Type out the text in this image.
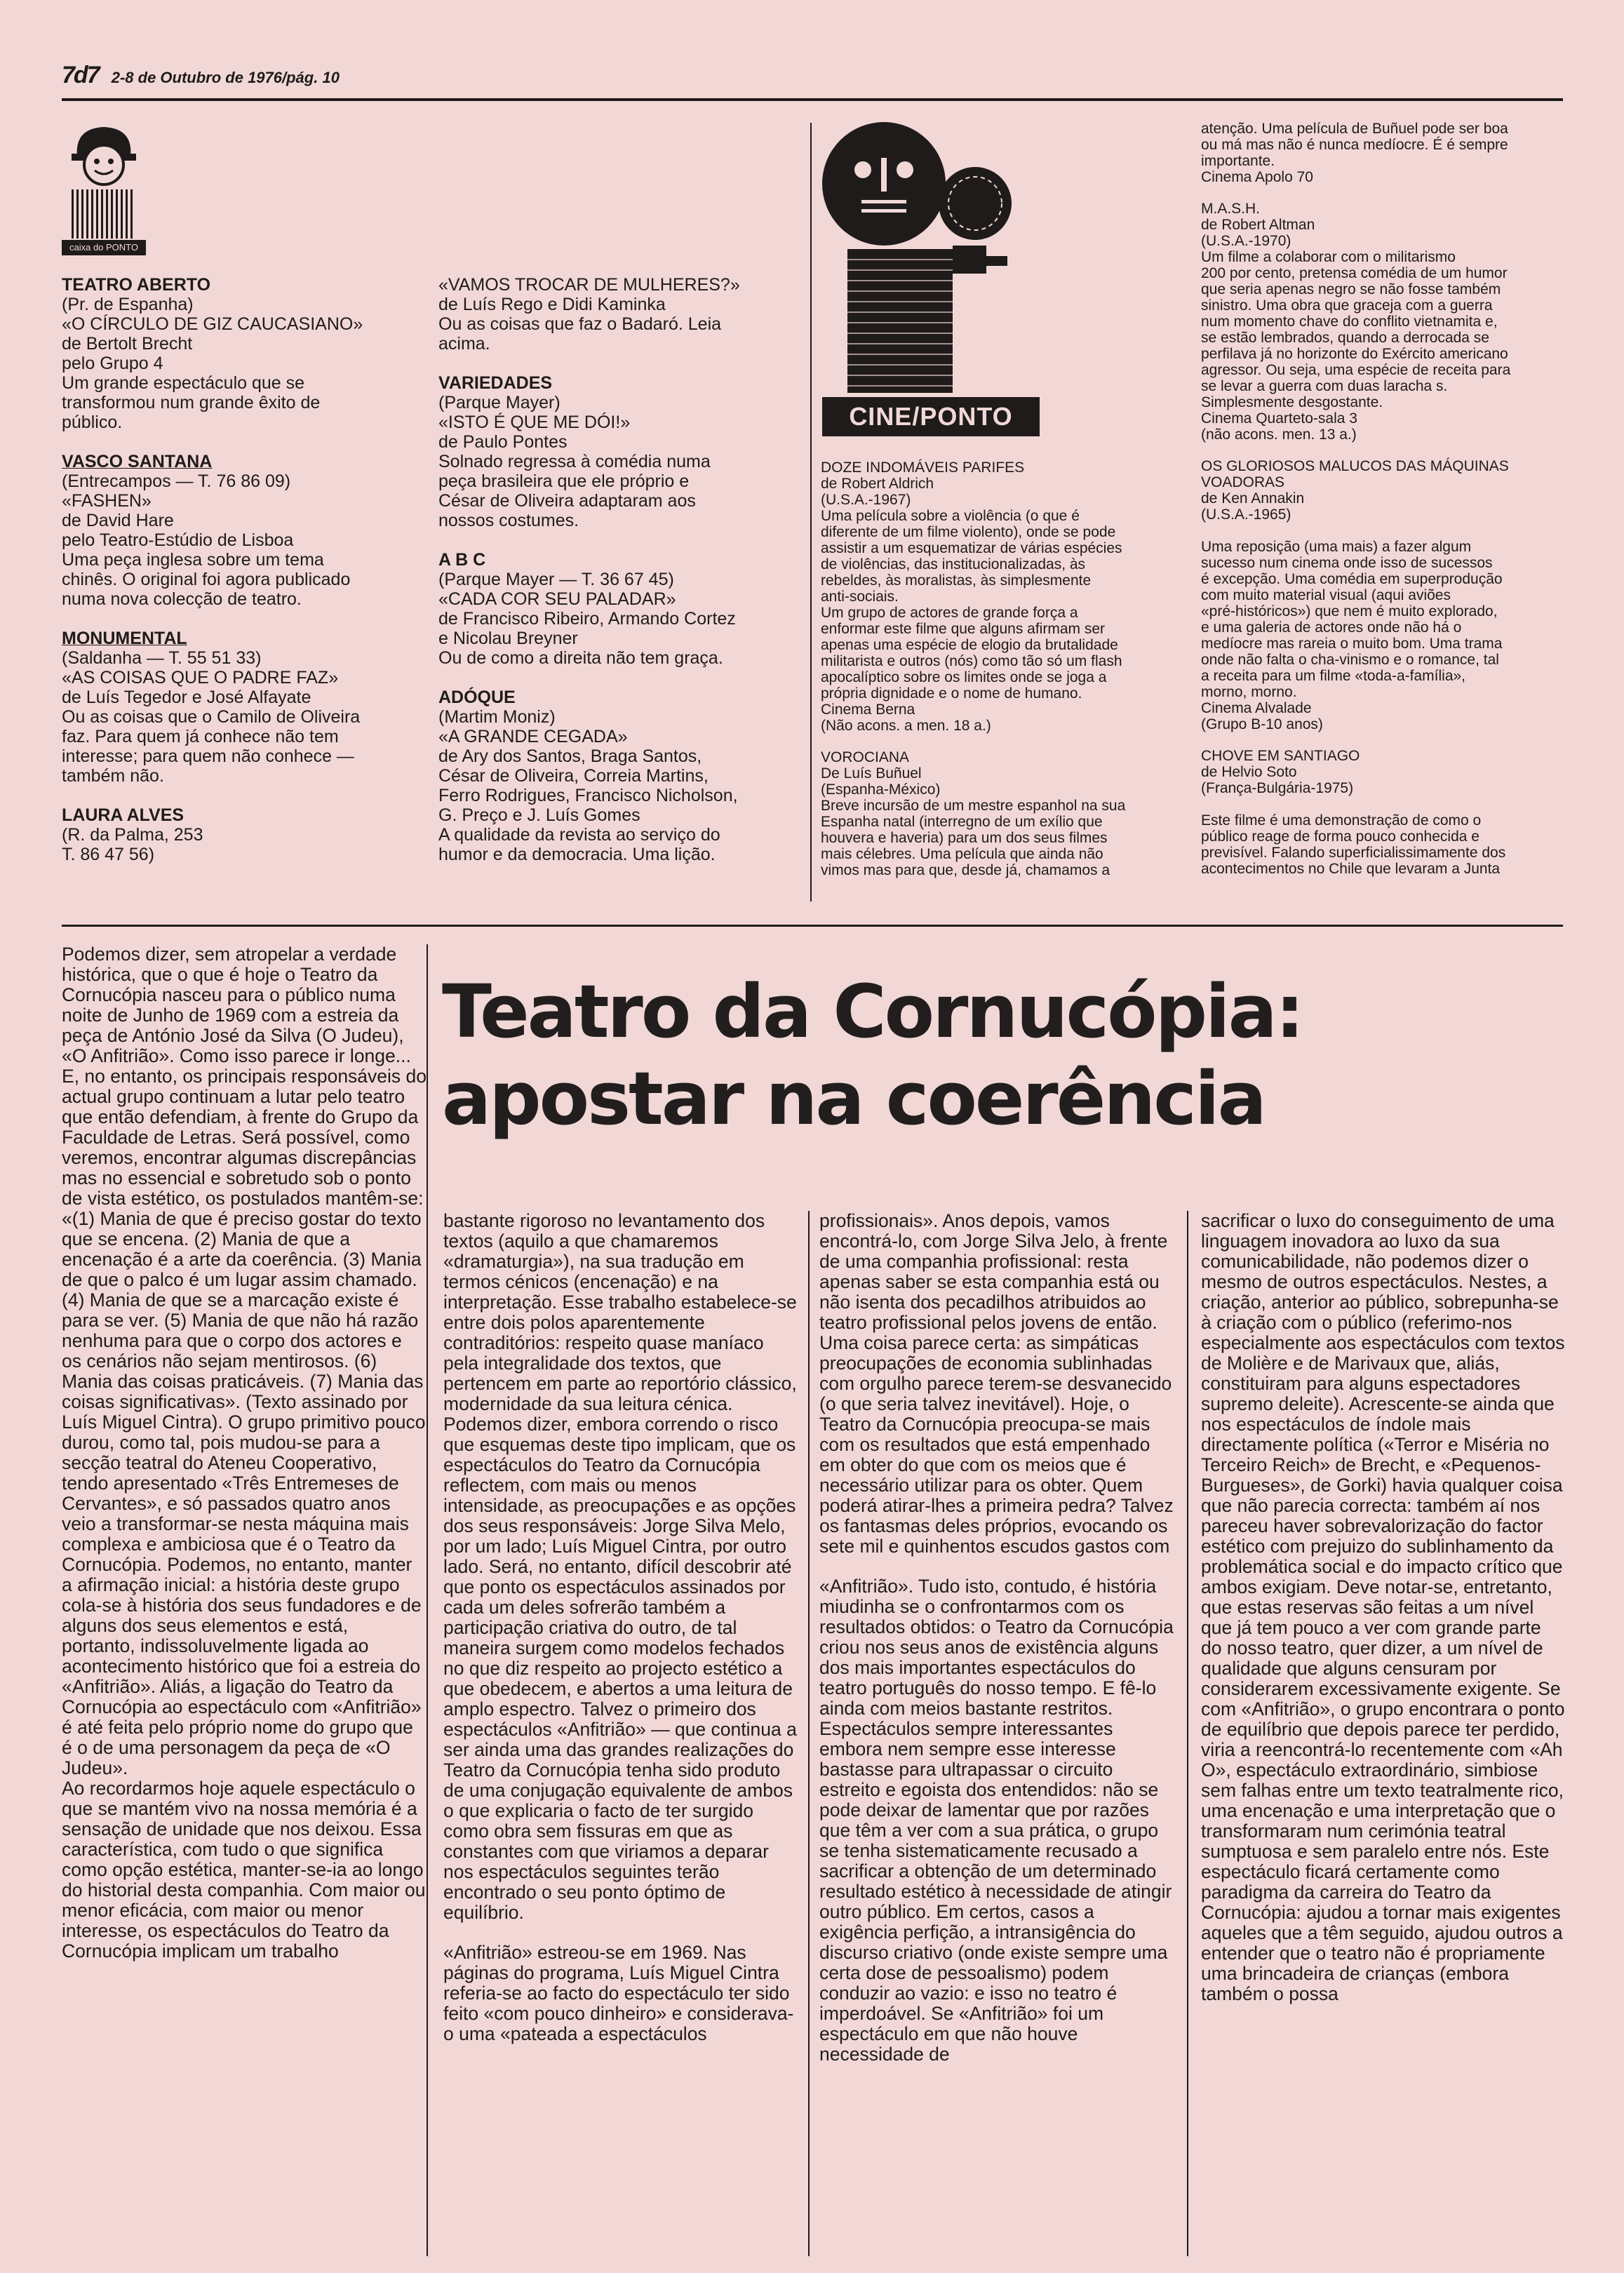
7d7 2-8 de Outubro de 1976/pág. 10
caixa do PONTO

TEATRO ABERTO

(Pr. de Espanha)

«O CÍRCULO DE GIZ CAUCASIANO»

de Bertolt Brecht

pelo Grupo 4

Um grande espectáculo que se

transformou num grande êxito de

público.

VASCO SANTANA

(Entrecampos — T. 76 86 09)

«FASHEN»

de David Hare

pelo Teatro-Estúdio de Lisboa

Uma peça inglesa sobre um tema

chinês. O original foi agora publicado

numa nova colecção de teatro.

MONUMENTAL

(Saldanha — T. 55 51 33)

«AS COISAS QUE O PADRE FAZ»

de Luís Tegedor e José Alfayate

Ou as coisas que o Camilo de Oliveira

faz. Para quem já conhece não tem

interesse; para quem não conhece —

também não.

LAURA ALVES

(R. da Palma, 253

T. 86 47 56)

«VAMOS TROCAR DE MULHERES?»

de Luís Rego e Didi Kaminka

Ou as coisas que faz o Badaró. Leia

acima.

VARIEDADES

(Parque Mayer)

«ISTO É QUE ME DÓI!»

de Paulo Pontes

Solnado regressa à comédia numa

peça brasileira que ele próprio e

César de Oliveira adaptaram aos

nossos costumes.

A B C

(Parque Mayer — T. 36 67 45)

«CADA COR SEU PALADAR»

de Francisco Ribeiro, Armando Cortez

e Nicolau Breyner

Ou de como a direita não tem graça.

ADÓQUE

(Martim Moniz)

«A GRANDE CEGADA»

de Ary dos Santos, Braga Santos,

César de Oliveira, Correia Martins,

Ferro Rodrigues, Francisco Nicholson,

G. Preço e J. Luís Gomes

A qualidade da revista ao serviço do

humor e da democracia. Uma lição.

CINE/PONTO

DOZE INDOMÁVEIS PARIFES

de Robert Aldrich

(U.S.A.-1967)

Uma película sobre a violência (o que é

diferente de um filme violento), onde se pode

assistir a um esquematizar de várias espécies

de violências, das institucionalizadas, às

rebeldes, às moralistas, às simplesmente

anti-sociais.

Um grupo de actores de grande força a

enformar este filme que alguns afirmam ser

apenas uma espécie de elogio da brutalidade

militarista e outros (nós) como tão só um flash

apocalíptico sobre os limites onde se joga a

própria dignidade e o nome de humano.

Cinema Berna

(Não acons. a men. 18 a.)

VOROCIANA

De Luís Buñuel

(Espanha-México)

Breve incursão de um mestre espanhol na sua

Espanha natal (interregno de um exílio que

houvera e haveria) para um dos seus filmes

mais célebres. Uma película que ainda não

vimos mas para que, desde já, chamamos a

atenção. Uma película de Buñuel pode ser boa

ou má mas não é nunca medíocre. É é sempre

importante.

Cinema Apolo 70

M.A.S.H.

de Robert Altman

(U.S.A.-1970)

Um filme a colaborar com o militarismo

200 por cento, pretensa comédia de um humor

que seria apenas negro se não fosse também

sinistro. Uma obra que graceja com a guerra

num momento chave do conflito vietnamita e,

se estão lembrados, quando a derrocada se

perfilava já no horizonte do Exército americano

agressor. Ou seja, uma espécie de receita para

se levar a guerra com duas laracha s.

Simplesmente desgostante.

Cinema Quarteto-sala 3

(não acons. men. 13 a.)

OS GLORIOSOS MALUCOS DAS MÁQUINAS VOADORAS

de Ken Annakin

(U.S.A.-1965)

Uma reposição (uma mais) a fazer algum

sucesso num cinema onde isso de sucessos

é excepção. Uma comédia em superprodução

com muito material visual (aqui aviões

«pré-históricos») que nem é muito explorado,

e uma galeria de actores onde não há o

medíocre mas rareia o muito bom. Uma trama

onde não falta o cha-vinismo e o romance, tal

a receita para um filme «toda-a-família»,

morno, morno.

Cinema Alvalade

(Grupo B-10 anos)

CHOVE EM SANTIAGO

de Helvio Soto

(França-Bulgária-1975)

Este filme é uma demonstração de como o

público reage de forma pouco conhecida e

previsível. Falando superficialissimamente dos

acontecimentos no Chile que levaram a Junta

Teatro da Cornucópia:
apostar na coerência

Podemos dizer, sem atropelar a verdade histórica, que o que é hoje o Teatro da Cornucópia nasceu para o público numa noite de Junho de 1969 com a estreia da peça de António José da Silva (O Judeu), «O Anfitrião». Como isso parece ir longe... E, no entanto, os principais responsáveis do actual grupo continuam a lutar pelo teatro que então defendiam, à frente do Grupo da Faculdade de Letras. Será possível, como veremos, encontrar algumas discrepâncias mas no essencial e sobretudo sob o ponto de vista estético, os postulados mantêm-se: «(1) Mania de que é preciso gostar do texto que se encena. (2) Mania de que a encenação é a arte da coerência. (3) Mania de que o palco é um lugar assim chamado. (4) Mania de que se a marcação existe é para se ver. (5) Mania de que não há razão nenhuma para que o corpo dos actores e os cenários não sejam mentirosos. (6) Mania das coisas praticáveis. (7) Mania das coisas significativas». (Texto assinado por Luís Miguel Cintra). O grupo primitivo pouco durou, como tal, pois mudou-se para a secção teatral do Ateneu Cooperativo, tendo apresentado «Três Entremeses de Cervantes», e só passados quatro anos veio a transformar-se nesta máquina mais complexa e ambiciosa que é o Teatro da Cornucópia. Podemos, no entanto, manter a afirmação inicial: a história deste grupo cola-se à história dos seus fundadores e de alguns dos seus elementos e está, portanto, indissoluvelmente ligada ao acontecimento histórico que foi a estreia do «Anfitrião». Aliás, a ligação do Teatro da Cornucópia ao espectáculo com «Anfitrião» é até feita pelo próprio nome do grupo que é o de uma personagem da peça de «O Judeu».

Ao recordarmos hoje aquele espectáculo o que se mantém vivo na nossa memória é a sensação de unidade que nos deixou. Essa característica, com tudo o que significa como opção estética, manter-se-ia ao longo do historial desta companhia. Com maior ou menor eficácia, com maior ou menor interesse, os espectáculos do Teatro da Cornucópia implicam um trabalho

bastante rigoroso no levantamento dos textos (aquilo a que chamaremos «dramaturgia»), na sua tradução em termos cénicos (encenação) e na interpretação. Esse trabalho estabelece-se entre dois polos aparentemente contraditórios: respeito quase maníaco pela integralidade dos textos, que pertencem em parte ao reportório clássico, modernidade da sua leitura cénica. Podemos dizer, embora correndo o risco que esquemas deste tipo implicam, que os espectáculos do Teatro da Cornucópia reflectem, com mais ou menos intensidade, as preocupações e as opções dos seus responsáveis: Jorge Silva Melo, por um lado; Luís Miguel Cintra, por outro lado. Será, no entanto, difícil descobrir até que ponto os espectáculos assinados por cada um deles sofrerão também a participação criativa do outro, de tal maneira surgem como modelos fechados no que diz respeito ao projecto estético a que obedecem, e abertos a uma leitura de amplo espectro. Talvez o primeiro dos espectáculos «Anfitrião» — que continua a ser ainda uma das grandes realizações do Teatro da Cornucópia tenha sido produto de uma conjugação equivalente de ambos o que explicaria o facto de ter surgido como obra sem fissuras em que as constantes com que viriamos a deparar nos espectáculos seguintes terão encontrado o seu ponto óptimo de equilíbrio.

«Anfitrião» estreou-se em 1969. Nas páginas do programa, Luís Miguel Cintra referia-se ao facto do espectáculo ter sido feito «com pouco dinheiro» e considerava-o uma «pateada a espectáculos

profissionais». Anos depois, vamos encontrá-lo, com Jorge Silva Jelo, à frente de uma companhia profissional: resta apenas saber se esta companhia está ou não isenta dos pecadilhos atribuidos ao teatro profissional pelos jovens de então. Uma coisa parece certa: as simpáticas preocupações de economia sublinhadas com orgulho parece terem-se desvanecido (o que seria talvez inevitável). Hoje, o Teatro da Cornucópia preocupa-se mais com os resultados que está empenhado em obter do que com os meios que é necessário utilizar para os obter. Quem poderá atirar-lhes a primeira pedra? Talvez os fantasmas deles próprios, evocando os sete mil e quinhentos escudos gastos com

«Anfitrião». Tudo isto, contudo, é história miudinha se o confrontarmos com os resultados obtidos: o Teatro da Cornucópia criou nos seus anos de existência alguns dos mais importantes espectáculos do teatro português do nosso tempo. E fê-lo ainda com meios bastante restritos. Espectáculos sempre interessantes embora nem sempre esse interesse bastasse para ultrapassar o circuito estreito e egoista dos entendidos: não se pode deixar de lamentar que por razões que têm a ver com a sua prática, o grupo se tenha sistematicamente recusado a sacrificar a obtenção de um determinado resultado estético à necessidade de atingir outro público. Em certos, casos a exigência perfição, a intransigência do discurso criativo (onde existe sempre uma certa dose de pessoalismo) podem conduzir ao vazio: e isso no teatro é imperdoável. Se «Anfitrião» foi um espectáculo em que não houve necessidade de

sacrificar o luxo do conseguimento de uma linguagem inovadora ao luxo da sua comunicabilidade, não podemos dizer o mesmo de outros espectáculos. Nestes, a criação, anterior ao público, sobrepunha-se à criação com o público (referimo-nos especialmente aos espectáculos com textos de Molière e de Marivaux que, aliás, constituiram para alguns espectadores supremo deleite). Acrescente-se ainda que nos espectáculos de índole mais directamente política («Terror e Miséria no Terceiro Reich» de Brecht, e «Pequenos-Burgueses», de Gorki) havia qualquer coisa que não parecia correcta: também aí nos pareceu haver sobrevalorização do factor estético com prejuizo do sublinhamento da problemática social e do impacto crítico que ambos exigiam. Deve notar-se, entretanto, que estas reservas são feitas a um nível que já tem pouco a ver com grande parte do nosso teatro, quer dizer, a um nível de qualidade que alguns censuram por considerarem excessivamente exigente. Se com «Anfitrião», o grupo encontrara o ponto de equilíbrio que depois parece ter perdido, viria a reencontrá-lo recentemente com «Ah O», espectáculo extraordinário, simbiose sem falhas entre um texto teatralmente rico, uma encenação e uma interpretação que o transformaram num cerimónia teatral sumptuosa e sem paralelo entre nós. Este espectáculo ficará certamente como paradigma da carreira do Teatro da Cornucópia: ajudou a tornar mais exigentes aqueles que a têm seguido, ajudou outros a entender que o teatro não é propriamente uma brincadeira de crianças (embora também o possa
